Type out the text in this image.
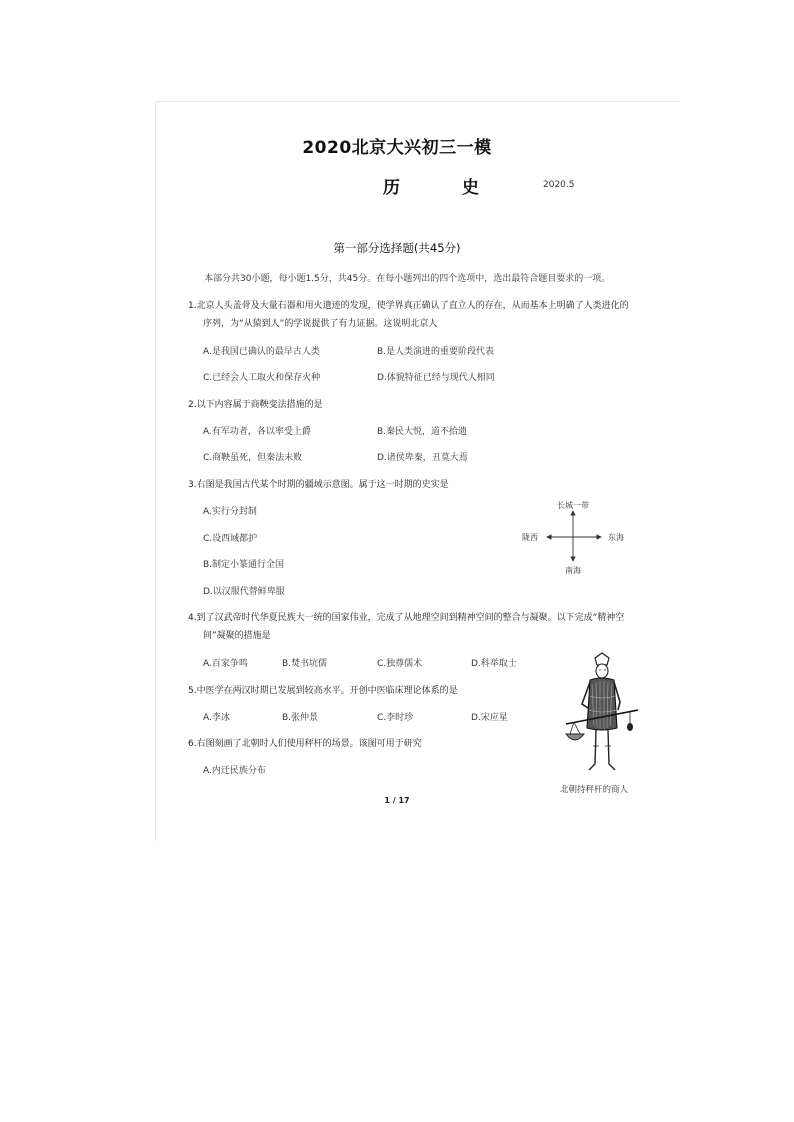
2020北京大兴初三一模
历 史	2020.5
第一部分选择题(共45分)
本部分共30小题，每小题1.5分，共45分。在每小题列出的四个选项中，选出最符合题目要求的一项。
1.北京人头盖骨及大量石器和用火遗迹的发现，使学界真正确认了直立人的存在，从而基本上明确了人类进化的
序列，为“从猿到人”的学说提供了有力证据。这说明北京人
A.是我国已确认的最早古人类	B.是人类演进的重要阶段代表
C.已经会人工取火和保存火种	D.体貌特征已经与现代人相同
2.以下内容属于商鞅变法措施的是
A.有军功者，各以率受上爵	B.秦民大悦，道不拾遗
C.商鞅虽死，但秦法未败	D.诸侯卑秦，丑莫大焉
3.右图是我国古代某个时期的疆域示意图。属于这一时期的史实是
A.实行分封制
C.设西域都护
B.制定小篆通行全国
D.以汉服代替鲜卑服
长城一带
陇西	东海
南海
4.到了汉武帝时代华夏民族大一统的国家伟业，完成了从地理空间到精神空间的整合与凝聚。以下完成“精神空
间”凝聚的措施是
A.百家争鸣	B.焚书坑儒	C.独尊儒术	D.科举取士
5.中医学在两汉时期已发展到较高水平。开创中医临床理论体系的是
A.李冰	B.张仲景	C.李时珍	D.宋应星
6.右图刻画了北朝时人们使用秤杆的场景。该图可用于研究
A.内迁民族分布
北朝持秤杆的商人
1 / 17
